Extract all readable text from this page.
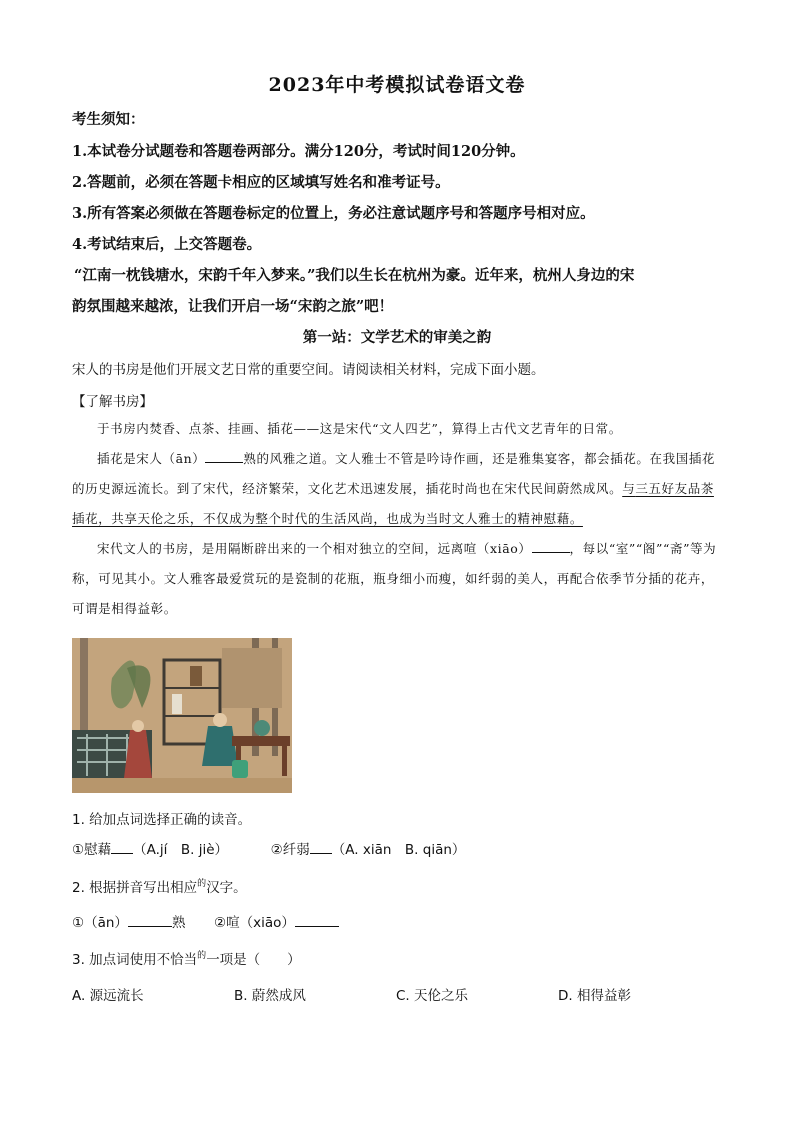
2023年中考模拟试卷语文卷
考生须知：
1.本试卷分试题卷和答题卷两部分。满分120分，考试时间120分钟。
2.答题前，必须在答题卡相应的区域填写姓名和准考证号。
3.所有答案必须做在答题卷标定的位置上，务必注意试题序号和答题序号相对应。
4.考试结束后，上交答题卷。
“江南一枕钱塘水，宋韵千年入梦来。”我们以生长在杭州为豪。近年来，杭州人身边的宋
韵氛围越来越浓，让我们开启一场“宋韵之旅”吧！
第一站：文学艺术的审美之韵
宋人的书房是他们开展文艺日常的重要空间。请阅读相关材料，完成下面小题。
【了解书房】

于书房内焚香、点茶、挂画、插花——这是宋代“文人四艺”，算得上古代文艺青年的日常。

插花是宋人（ān）	熟的风雅之道。文人雅士不管是吟诗作画，还是雅集宴客，都会插花。在我国插花的历史源远流长。到了宋代，经济繁荣，文化艺术迅速发展，插花时尚也在宋代民间蔚然成风。与三五好友品茶插花，共享天伦之乐，不仅成为整个时代的生活风尚，也成为当时文人雅士的精神慰藉。

宋代文人的书房，是用隔断辟出来的一个相对独立的空间，远离喧（xiāo）	，每以“室”“阁”“斋”等为称，可见其小。文人雅客最爱赏玩的是瓷制的花瓶，瓶身细小而瘦，如纤弱的美人，再配合依季节分插的花卉，可谓是相得益彰。

1. 给加点词选择正确的读音。
①慰藉 （A.jí　B. jiè）	②纤弱 （A. xiān　B. qiān）
2. 根据拼音写出相应$^的$汉字。
①（ān）	熟 ②喧（xiāo）
3. 加点词使用不恰当$^的$一项是（　　）
A. 源远流长	B. 蔚然成风	C. 天伦之乐	D. 相得益彰
